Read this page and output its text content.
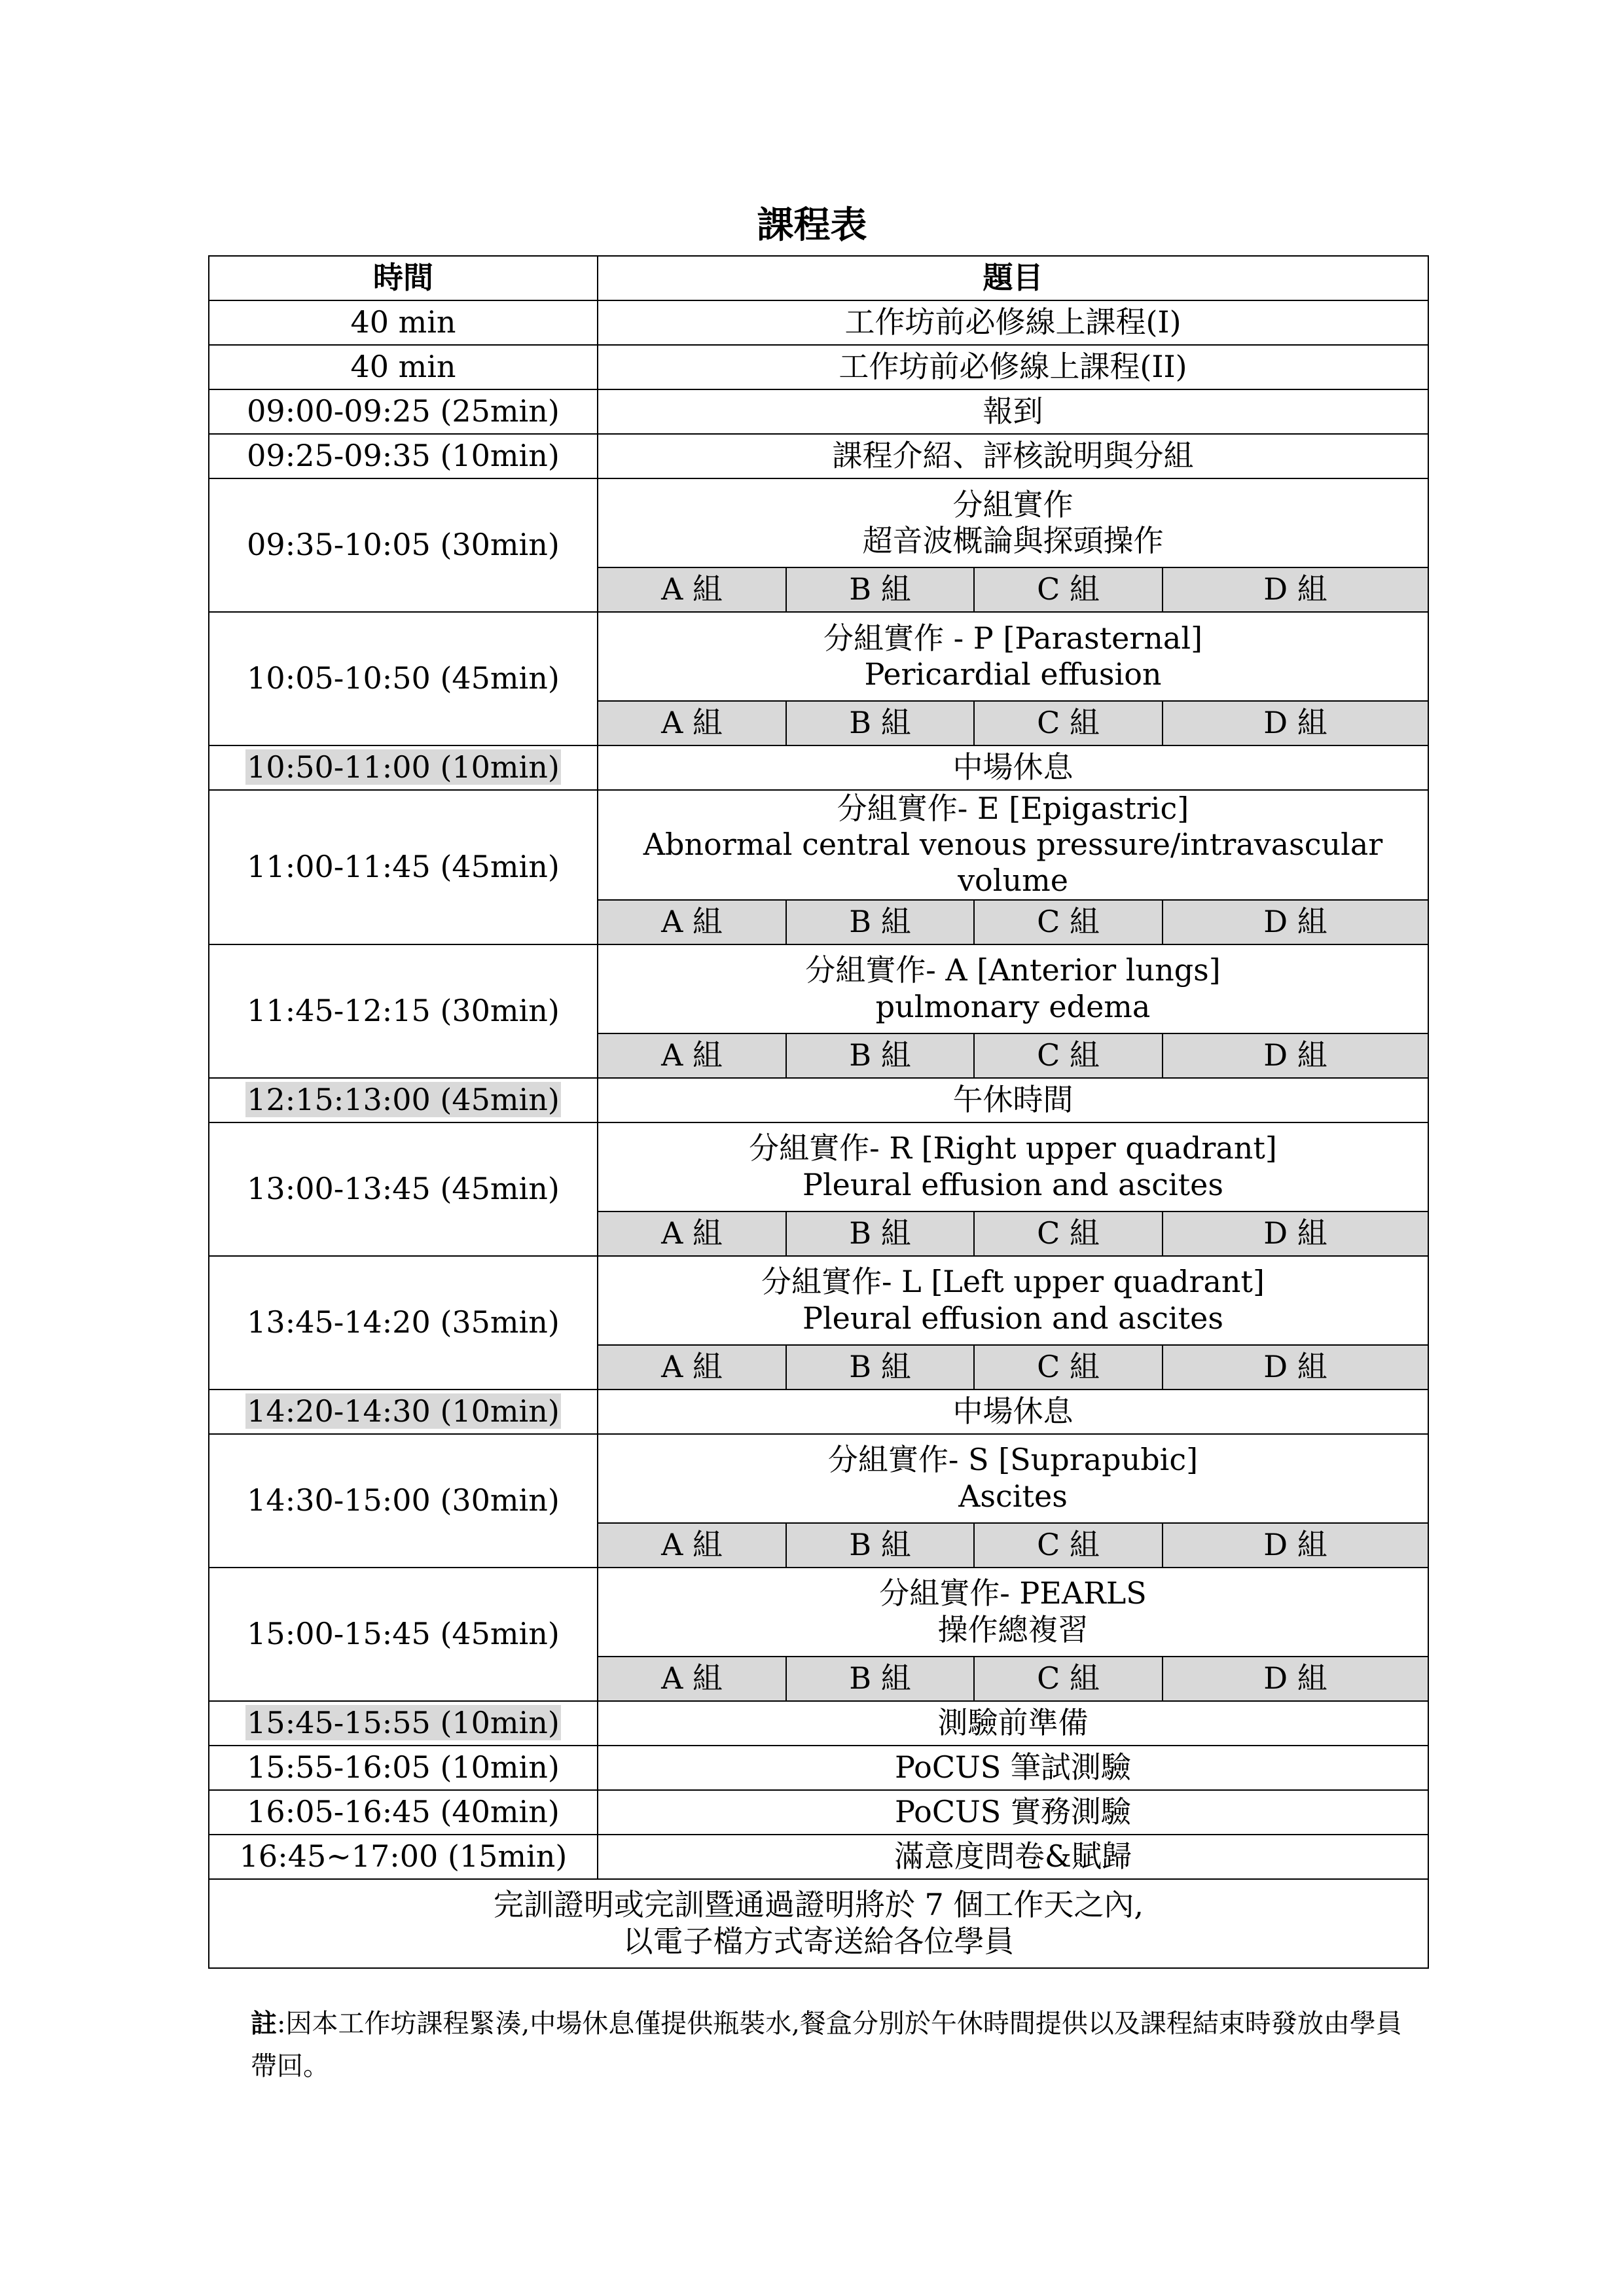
課程表
時間	題目			
40 min	工作坊前必修線上課程(I)			
40 min	工作坊前必修線上課程(II)			
09:00-09:25 (25min)	報到			
09:25-09:35 (10min)	課程介紹、評核說明與分組			
09:35-10:05 (30min)	分組實作
超音波概論與探頭操作			

	A 組	B 組	C 組	D 組
10:05-10:50 (45min)	分組實作 - P [Parasternal]
Pericardial effusion			

	A 組	B 組	C 組	D 組
10:50-11:00 (10min)	中場休息			
11:00-11:45 (45min)	分組實作- E [Epigastric]
Abnormal central venous pressure/intravascular volume			

	A 組	B 組	C 組	D 組
11:45-12:15 (30min)	分組實作- A [Anterior lungs]
pulmonary edema			

	A 組	B 組	C 組	D 組
12:15:13:00 (45min)	午休時間			
13:00-13:45 (45min)	分組實作- R [Right upper quadrant]
Pleural effusion and ascites			

	A 組	B 組	C 組	D 組
13:45-14:20 (35min)	分組實作- L [Left upper quadrant]
Pleural effusion and ascites			

	A 組	B 組	C 組	D 組
14:20-14:30 (10min)	中場休息			
14:30-15:00 (30min)	分組實作- S [Suprapubic]
Ascites			

	A 組	B 組	C 組	D 組
15:00-15:45 (45min)	分組實作- PEARLS
操作總複習			

	A 組	B 組	C 組	D 組
15:45-15:55 (10min)	測驗前準備			
15:55-16:05 (10min)	PoCUS 筆試測驗			
16:05-16:45 (40min)	PoCUS 實務測驗			
16:45~17:00 (15min)	滿意度問卷&賦歸			

完訓證明或完訓暨通過證明將於 7 個工作天之內,
以電子檔方式寄送給各位學員				
註:因本工作坊課程緊湊,中場休息僅提供瓶裝水,餐盒分別於午休時間提供以及課程結束時發放由學員帶回。
